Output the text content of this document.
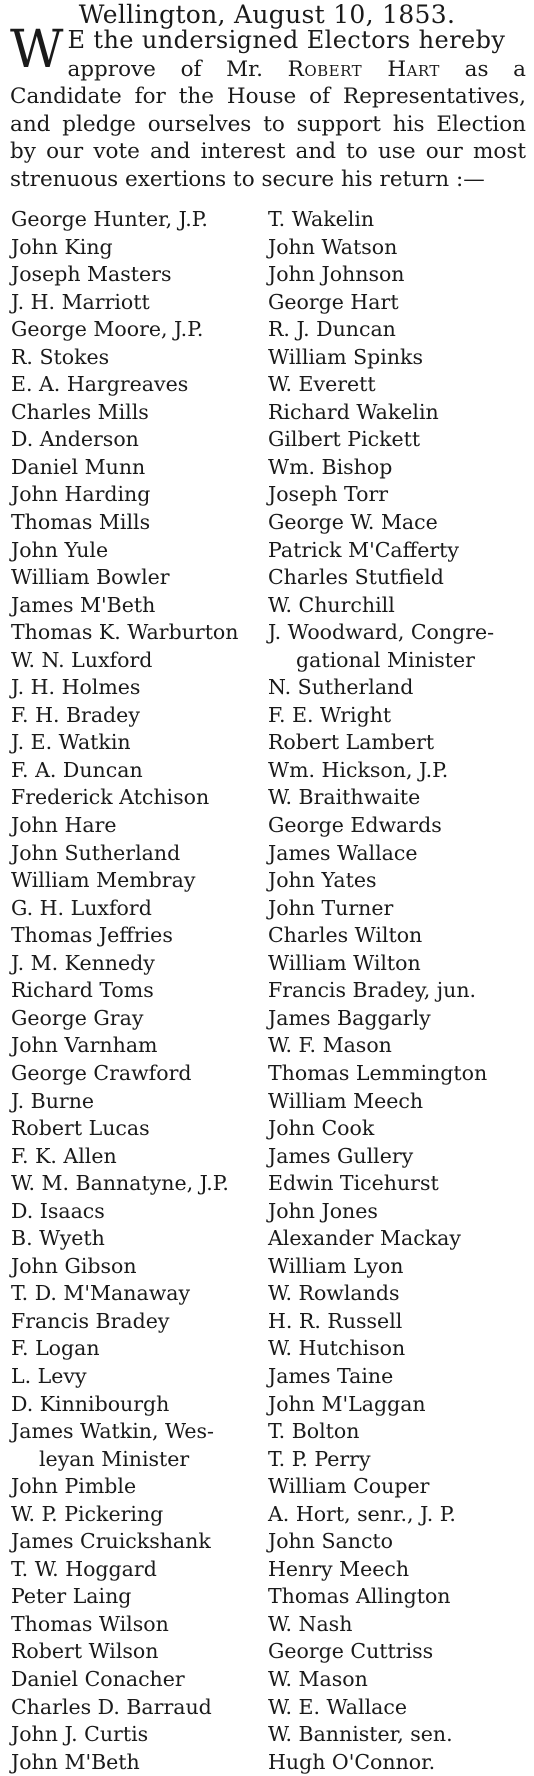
Wellington, August 10, 1853.
W E the undersigned Electors hereby
approve of Mr. Robert Hart as a Candidate for the House of Representatives, and pledge ourselves to support his Election by our vote and interest and to use our most strenuous exertions to secure his return :—
George Hunter, J.P.
John King
Joseph Masters
J. H. Marriott
George Moore, J.P.
R. Stokes
E. A. Hargreaves
Charles Mills
D. Anderson
Daniel Munn
John Harding
Thomas Mills
John Yule
William Bowler
James M'Beth
Thomas K. Warburton
W. N. Luxford
J. H. Holmes
F. H. Bradey
J. E. Watkin
F. A. Duncan
Frederick Atchison
John Hare
John Sutherland
William Membray
G. H. Luxford
Thomas Jeffries
J. M. Kennedy
Richard Toms
George Gray
John Varnham
George Crawford
J. Burne
Robert Lucas
F. K. Allen
W. M. Bannatyne, J.P.
D. Isaacs
B. Wyeth
John Gibson
T. D. M'Manaway
Francis Bradey
F. Logan
L. Levy
D. Kinnibourgh
James Watkin, Wes-
leyan Minister
John Pimble
W. P. Pickering
James Cruickshank
T. W. Hoggard
Peter Laing
Thomas Wilson
Robert Wilson
Daniel Conacher
Charles D. Barraud
John J. Curtis
John M'Beth
T. Wakelin
John Watson
John Johnson
George Hart
R. J. Duncan
William Spinks
W. Everett
Richard Wakelin
Gilbert Pickett
Wm. Bishop
Joseph Torr
George W. Mace
Patrick M'Cafferty
Charles Stutfield
W. Churchill
J. Woodward, Congre-
gational Minister
N. Sutherland
F. E. Wright
Robert Lambert
Wm. Hickson, J.P.
W. Braithwaite
George Edwards
James Wallace
John Yates
John Turner
Charles Wilton
William Wilton
Francis Bradey, jun.
James Baggarly
W. F. Mason
Thomas Lemmington
William Meech
John Cook
James Gullery
Edwin Ticehurst
John Jones
Alexander Mackay
William Lyon
W. Rowlands
H. R. Russell
W. Hutchison
James Taine
John M'Laggan
T. Bolton
T. P. Perry
William Couper
A. Hort, senr., J. P.
John Sancto
Henry Meech
Thomas Allington
W. Nash
George Cuttriss
W. Mason
W. E. Wallace
W. Bannister, sen.
Hugh O'Connor.
